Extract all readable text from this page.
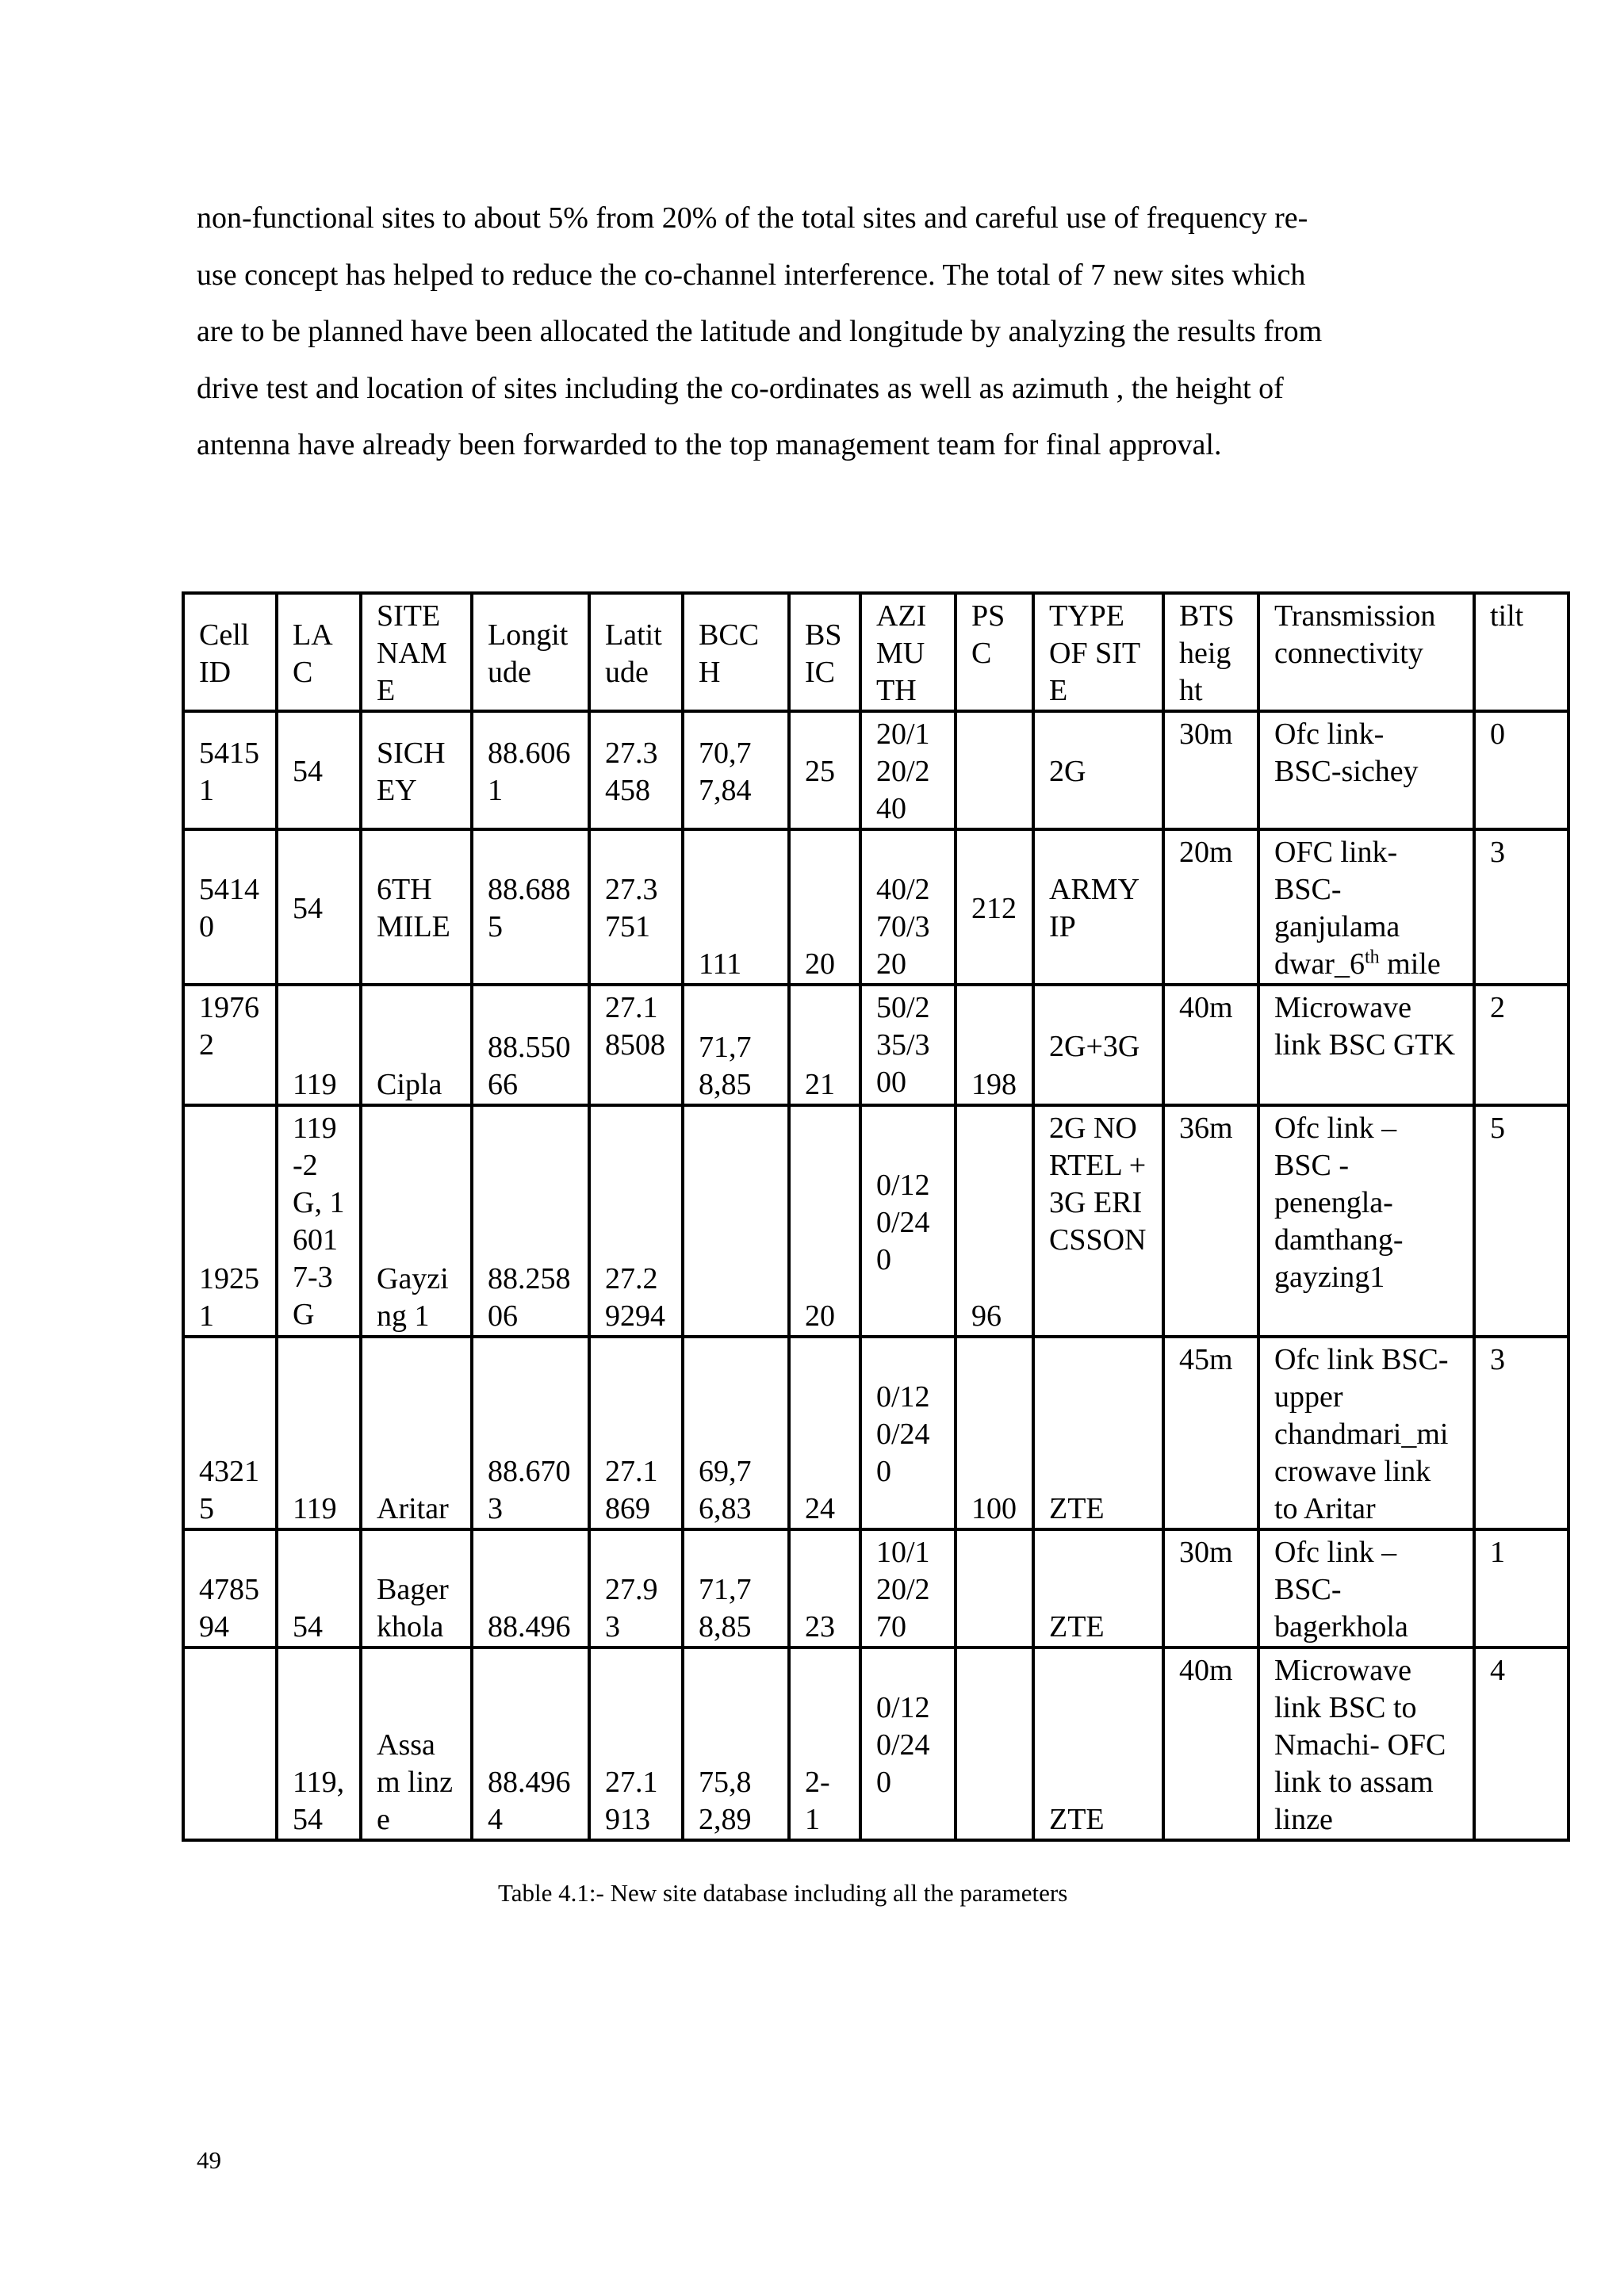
non-functional sites to about 5% from 20% of the total sites and careful use of frequency re-
use concept has helped to reduce the co-channel interference. The total of 7 new sites which
are to be planned have been allocated the latitude and longitude by analyzing the results from
drive test and location of sites including the co-ordinates as well as azimuth , the height of
antenna have already been forwarded to the top management team for final approval.
Cell ID	LAC	SITE NAME	Longitude	Latitude	BCCH	BSIC	AZIMUTH	PSC	TYPE OF SITE	BTS height	Transmission connectivity	tilt
54151	54	SICHEY	88.6061	27.3458	70,77,84	25	20/120/240		2G	30m	Ofc link- BSC-sichey	0
54140	54	6TH MILE	88.6885	27.3751	111	20	40/270/320	212	ARMY IP	20m	OFC link- BSC- ganjulama dwar_6th mile	3
19762	119	Cipla	88.55066	27.18508	71,78,85	21	50/235/300	198	2G+3G	40m	Microwave link BSC GTK	2
19251	119-2G, 16017-3G	Gayzing 1	88.25806	27.29294		20	0/120/240	96	2G NORTEL +3G ERICSSON	36m	Ofc link – BSC - penengla- damthang- gayzing1	5
43215	119	Aritar	88.6703	27.1869	69,76,83	24	0/120/240	100	ZTE	45m	Ofc link BSC-upper chandmari_microwave link to Aritar	3
478594	54	Bagerkhola	88.496	27.93	71,78,85	23	10/120/270		ZTE	30m	Ofc link – BSC- bagerkhola	1
	119,54	Assam linze	88.4964	27.1913	75,82,89	2-1	0/120/240		ZTE	40m	Microwave link BSC to Nmachi- OFC link to assam linze	4

Table 4.1:- New site database including all the parameters

49
